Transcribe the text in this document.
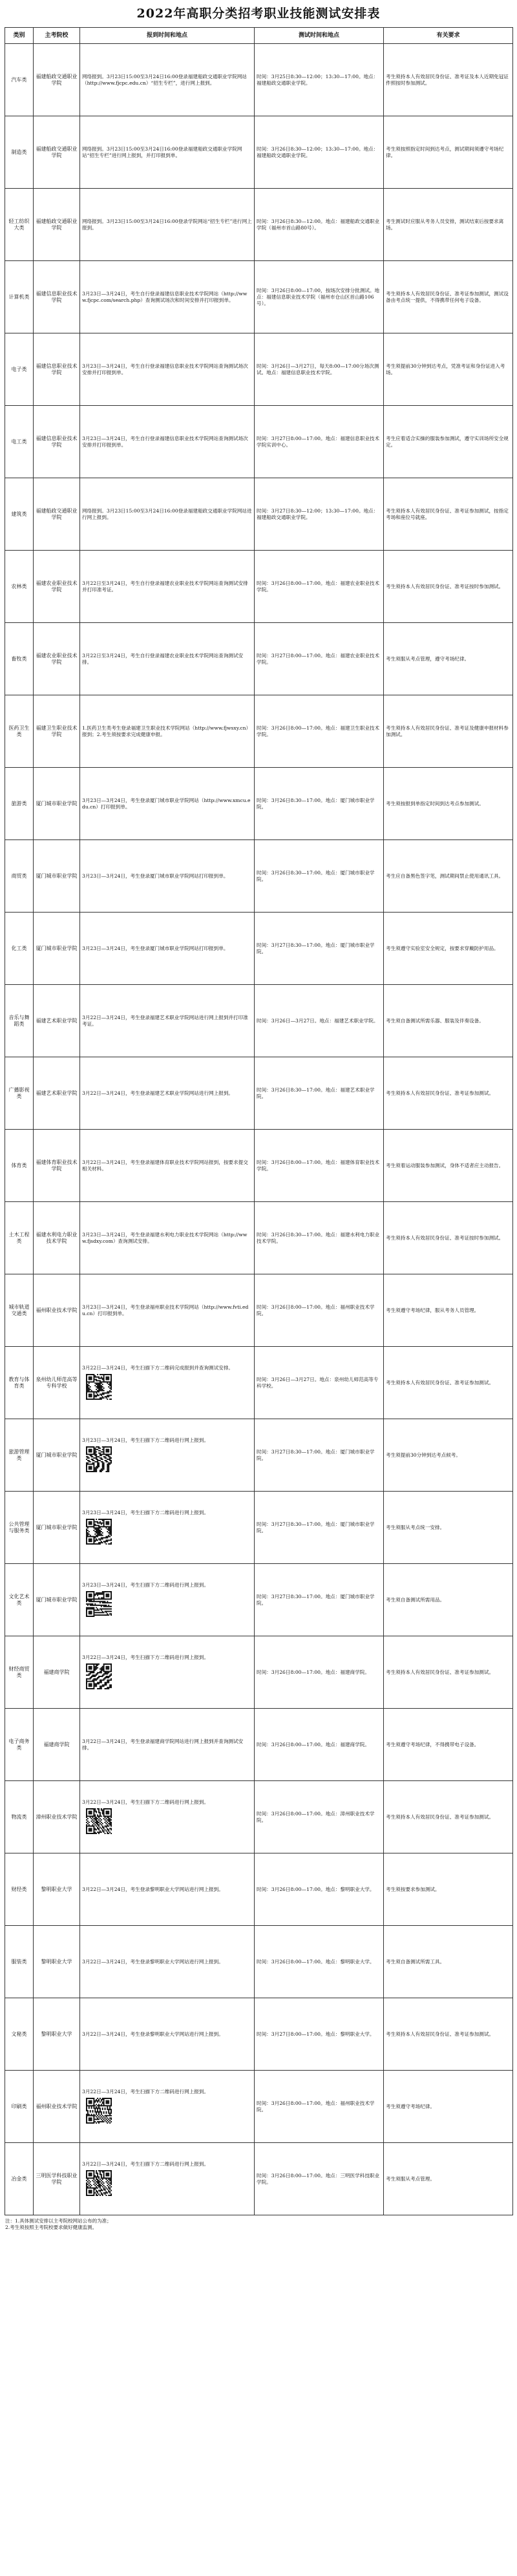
2022年高职分类招考职业技能测试安排表
类别	主考院校	报到时间和地点	测试时间和地点	有关要求
汽车类	福建船政交通职业学院	网络报到。3月23日15:00至3月24日16:00登录福建船政交通职业学院网站（http://www.fjcpc.edu.cn）“招生专栏”，进行网上报到。	时间：3月25日8:30—12:00；13:30—17:00。地点：福建船政交通职业学院。	考生须持本人有效居民身份证、准考证及本人近期免冠证件照按时参加测试。
制造类	福建船政交通职业学院	网络报到。3月23日15:00至3月24日16:00登录福建船政交通职业学院网站“招生专栏”进行网上报到，并打印报到单。	时间：3月26日8:30—12:00；13:30—17:00。地点：福建船政交通职业学院。	考生须按照指定时间到达考点，测试期间须遵守考场纪律。
轻工纺织大类	福建船政交通职业学院	网络报到。3月23日15:00至3月24日16:00登录学院网站“招生专栏”进行网上报到。	时间：3月26日8:30—12:00。地点：福建船政交通职业学院（福州市首山路80号）。	考生测试时应服从考务人员安排，测试结束后按要求离场。
计算机类	福建信息职业技术学院	3月23日—3月24日，考生自行登录福建信息职业技术学院网站（http://www.fjcpc.com/search.php）查询测试场次和时间安排并打印报到单。	时间：3月26日8:00—17:00，按场次安排分批测试。地点：福建信息职业技术学院（福州市仓山区首山路106号）。	考生须持本人有效居民身份证、准考证参加测试，测试设备由考点统一提供，不得携带任何电子设备。
电子类	福建信息职业技术学院	3月23日—3月24日，考生自行登录福建信息职业技术学院网站查询测试场次安排并打印报到单。	时间：3月26日—3月27日，每天8:00—17:00分场次测试。地点：福建信息职业技术学院。	考生须提前30分钟到达考点，凭准考证和身份证进入考场。
电工类	福建信息职业技术学院	3月23日—3月24日，考生自行登录福建信息职业技术学院网站查询测试场次安排并打印报到单。	时间：3月27日8:00—17:00。地点：福建信息职业技术学院实训中心。	考生应着适合实操的服装参加测试，遵守实训场所安全规定。
建筑类	福建船政交通职业学院	网络报到。3月23日15:00至3月24日16:00登录福建船政交通职业学院网站进行网上报到。	时间：3月27日8:30—12:00；13:30—17:00。地点：福建船政交通职业学院。	考生须持本人有效居民身份证、准考证参加测试，按指定考场和座位号就座。
农林类	福建农业职业技术学院	3月22日至3月24日，考生自行登录福建农业职业技术学院网站查询测试安排并打印准考证。	时间：3月26日8:00—17:00。地点：福建农业职业技术学院。	考生须持本人有效居民身份证、准考证按时参加测试。
畜牧类	福建农业职业技术学院	3月22日至3月24日，考生自行登录福建农业职业技术学院网站查询测试安排。	时间：3月27日8:00—17:00。地点：福建农业职业技术学院。	考生须服从考点管理，遵守考场纪律。
医药卫生类	福建卫生职业技术学院	1.医药卫生类考生登录福建卫生职业技术学院网站（http://www.fjwsxy.cn）报到；2.考生须按要求完成健康申报。	时间：3月26日8:00—17:00。地点：福建卫生职业技术学院。	考生须持本人有效居民身份证、准考证及健康申报材料参加测试。
旅游类	厦门城市职业学院	3月23日—3月24日，考生登录厦门城市职业学院网站（http://www.xmcu.edu.cn）打印报到单。	时间：3月26日8:30—17:00。地点：厦门城市职业学院。	考生须按报到单指定时间到达考点参加测试。
商贸类	厦门城市职业学院	3月23日—3月24日，考生登录厦门城市职业学院网站打印报到单。	时间：3月26日8:30—17:00。地点：厦门城市职业学院。	考生应自备黑色签字笔，测试期间禁止使用通讯工具。
化工类	厦门城市职业学院	3月23日—3月24日，考生登录厦门城市职业学院网站打印报到单。	时间：3月27日8:30—17:00。地点：厦门城市职业学院。	考生须遵守实验室安全规定，按要求穿戴防护用品。
音乐与舞蹈类	福建艺术职业学院	3月22日—3月24日，考生登录福建艺术职业学院网站进行网上报到并打印准考证。	时间：3月26日—3月27日。地点：福建艺术职业学院。	考生须自备测试所需乐器、服装及伴奏设备。
广播影视类	福建艺术职业学院	3月22日—3月24日，考生登录福建艺术职业学院网站进行网上报到。	时间：3月26日8:30—17:00。地点：福建艺术职业学院。	考生须持本人有效居民身份证、准考证参加测试。
体育类	福建体育职业技术学院	3月22日—3月24日，考生登录福建体育职业技术学院网站报到，按要求提交相关材料。	时间：3月26日8:00—17:00。地点：福建体育职业技术学院。	考生须着运动服装参加测试，身体不适者应主动报告。
土木工程类	福建水利电力职业技术学院	3月23日—3月24日，考生登录福建水利电力职业技术学院网站（http://www.fjsdxy.com）查询测试安排。	时间：3月26日8:30—17:00。地点：福建水利电力职业技术学院。	考生须持本人有效居民身份证、准考证按时参加测试。
城市轨道交通类	福州职业技术学院	3月23日—3月24日，考生登录福州职业技术学院网站（http://www.fvti.edu.cn）打印报到单。	时间：3月26日8:00—17:00。地点：福州职业技术学院。	考生须遵守考场纪律，服从考务人员管理。
教育与体育类	泉州幼儿师范高等专科学校	3月22日—3月24日，考生扫描下方二维码完成报到并查询测试安排。	时间：3月26日—3月27日。地点：泉州幼儿师范高等专科学校。	考生须持本人有效居民身份证、准考证参加测试。
旅游管理类	厦门城市职业学院	3月23日—3月24日，考生扫描下方二维码进行网上报到。	时间：3月27日8:30—17:00。地点：厦门城市职业学院。	考生须提前30分钟到达考点候考。
公共管理与服务类	厦门城市职业学院	3月23日—3月24日，考生扫描下方二维码进行网上报到。	时间：3月27日8:30—17:00。地点：厦门城市职业学院。	考生须服从考点统一安排。
文化艺术类	厦门城市职业学院	3月23日—3月24日，考生扫描下方二维码进行网上报到。	时间：3月27日8:30—17:00。地点：厦门城市职业学院。	考生须自备测试所需用品。
财经商贸类	福建商学院	3月22日—3月24日，考生扫描下方二维码进行网上报到。	时间：3月26日8:00—17:00。地点：福建商学院。	考生须持本人有效居民身份证、准考证参加测试。
电子商务类	福建商学院	3月22日—3月24日，考生登录福建商学院网站进行网上报到并查询测试安排。	时间：3月26日8:00—17:00。地点：福建商学院。	考生须遵守考场纪律，不得携带电子设备。
物流类	漳州职业技术学院	3月22日—3月24日，考生扫描下方二维码进行网上报到。	时间：3月26日8:00—17:00。地点：漳州职业技术学院。	考生须持本人有效居民身份证、准考证参加测试。
财经类	黎明职业大学	3月22日—3月24日，考生登录黎明职业大学网站进行网上报到。	时间：3月26日8:00—17:00。地点：黎明职业大学。	考生须按要求参加测试。
服装类	黎明职业大学	3月22日—3月24日，考生登录黎明职业大学网站进行网上报到。	时间：3月26日8:00—17:00。地点：黎明职业大学。	考生须自备测试所需工具。
文秘类	黎明职业大学	3月22日—3月24日，考生登录黎明职业大学网站进行网上报到。	时间：3月27日8:00—17:00。地点：黎明职业大学。	考生须持本人有效居民身份证、准考证参加测试。
印刷类	福州职业技术学院	3月22日—3月24日，考生扫描下方二维码进行网上报到。	时间：3月26日8:00—17:00。地点：福州职业技术学院。	考生须遵守考场纪律。
冶金类	三明医学科技职业学院	3月22日—3月24日，考生扫描下方二维码进行网上报到。	时间：3月26日8:00—17:00。地点：三明医学科技职业学院。	考生须服从考点管理。
注：1.具体测试安排以主考院校网站公布的为准；
2.考生须按照主考院校要求做好健康监测。
